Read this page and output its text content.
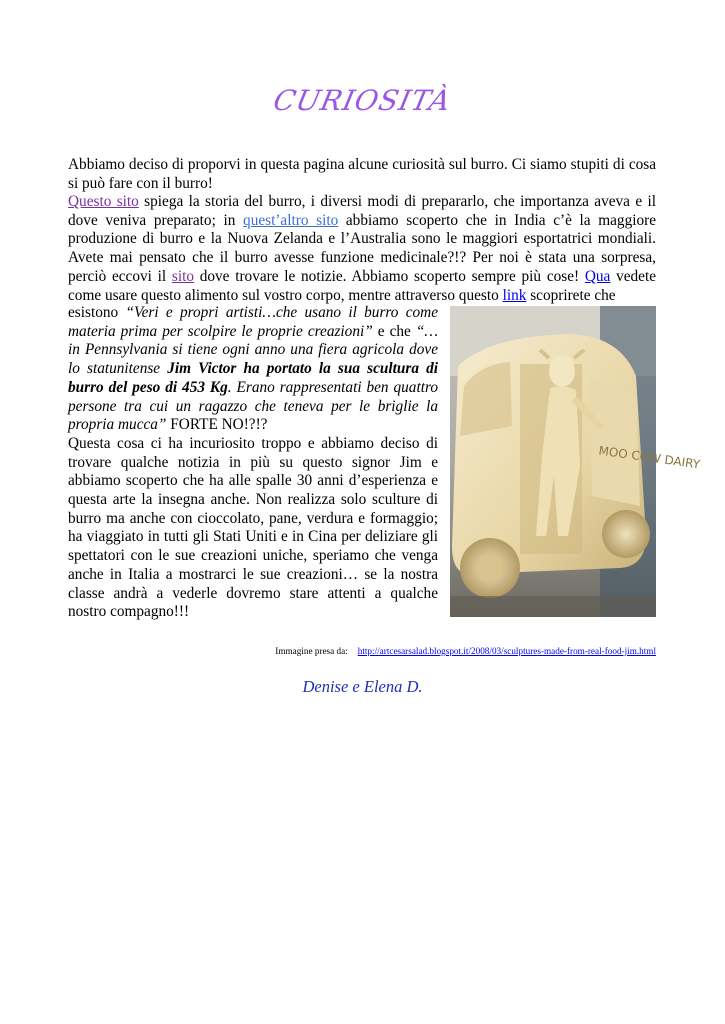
CURIOSITÀ
Abbiamo deciso di proporvi in questa pagina alcune curiosità sul burro. Ci siamo stupiti di cosa si può fare con il burro!
Questo sito spiega la storia del burro, i diversi modi di prepararlo, che importanza aveva e il dove veniva preparato; in quest’altro sito abbiamo scoperto che in India c’è la maggiore produzione di burro e la Nuova Zelanda e l’Australia sono le maggiori esportatrici mondiali. Avete mai pensato che il burro avesse funzione medicinale?!? Per noi è stata una sorpresa, perciò eccovi il sito dove trovare le notizie. Abbiamo scoperto sempre più cose! Qua vedete come usare questo alimento sul vostro corpo, mentre attraverso questo link scoprirete che
MOO COW DAIRY
esistono “Veri e propri artisti…che usano il burro come materia prima per scolpire le proprie creazioni” e che “…in Pennsylvania si tiene ogni anno una fiera agricola dove lo statunitense Jim Victor ha portato la sua scultura di burro del peso di 453 Kg. Erano rappresentati ben quattro persone tra cui un ragazzo che teneva per le briglie la propria mucca” FORTE NO!?!?
Questa cosa ci ha incuriosito troppo e abbiamo deciso di trovare qualche notizia in più su questo signor Jim e abbiamo scoperto che ha alle spalle 30 anni d’esperienza e questa arte la insegna anche. Non realizza solo sculture di burro ma anche con cioccolato, pane, verdura e formaggio; ha viaggiato in tutti gli Stati Uniti e in Cina per deliziare gli spettatori con le sue creazioni uniche, speriamo che venga anche in Italia a mostrarci le sue creazioni… se la nostra classe andrà a vederle dovremo stare attenti a qualche nostro compagno!!!
Immagine presa da: http://artcesarsalad.blogspot.it/2008/03/sculptures-made-from-real-food-jim.html
Denise e Elena D.
